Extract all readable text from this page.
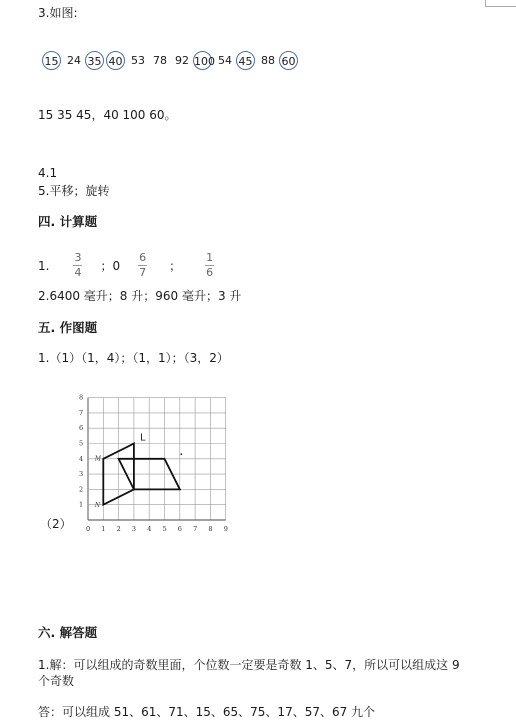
3.如图:
15 24 35 40 53 78 92 100 54 45 88 60
15 35 45，40 100 60。
4.1
5.平移；旋转
四. 计算题
1. $\frac{3}{4}$ ；$0 \frac{6}{7}$ ； $\frac{1}{6}$
2.6400 毫升；8 升；960 毫升；3 升
五. 作图题
1.（1）（1，4）；（1，1）；（3，2）
（2） 0 1 2 3 4 5 6 7 8 9
1
2
3
4
5
6
7
8
L
M
N
六. 解答题
1.解：可以组成的奇数里面，个位数一定要是奇数 1、5、7，所以可以组成这 9
个奇数
答：可以组成 51、61、71、15、65、75、17、57、67 九个
